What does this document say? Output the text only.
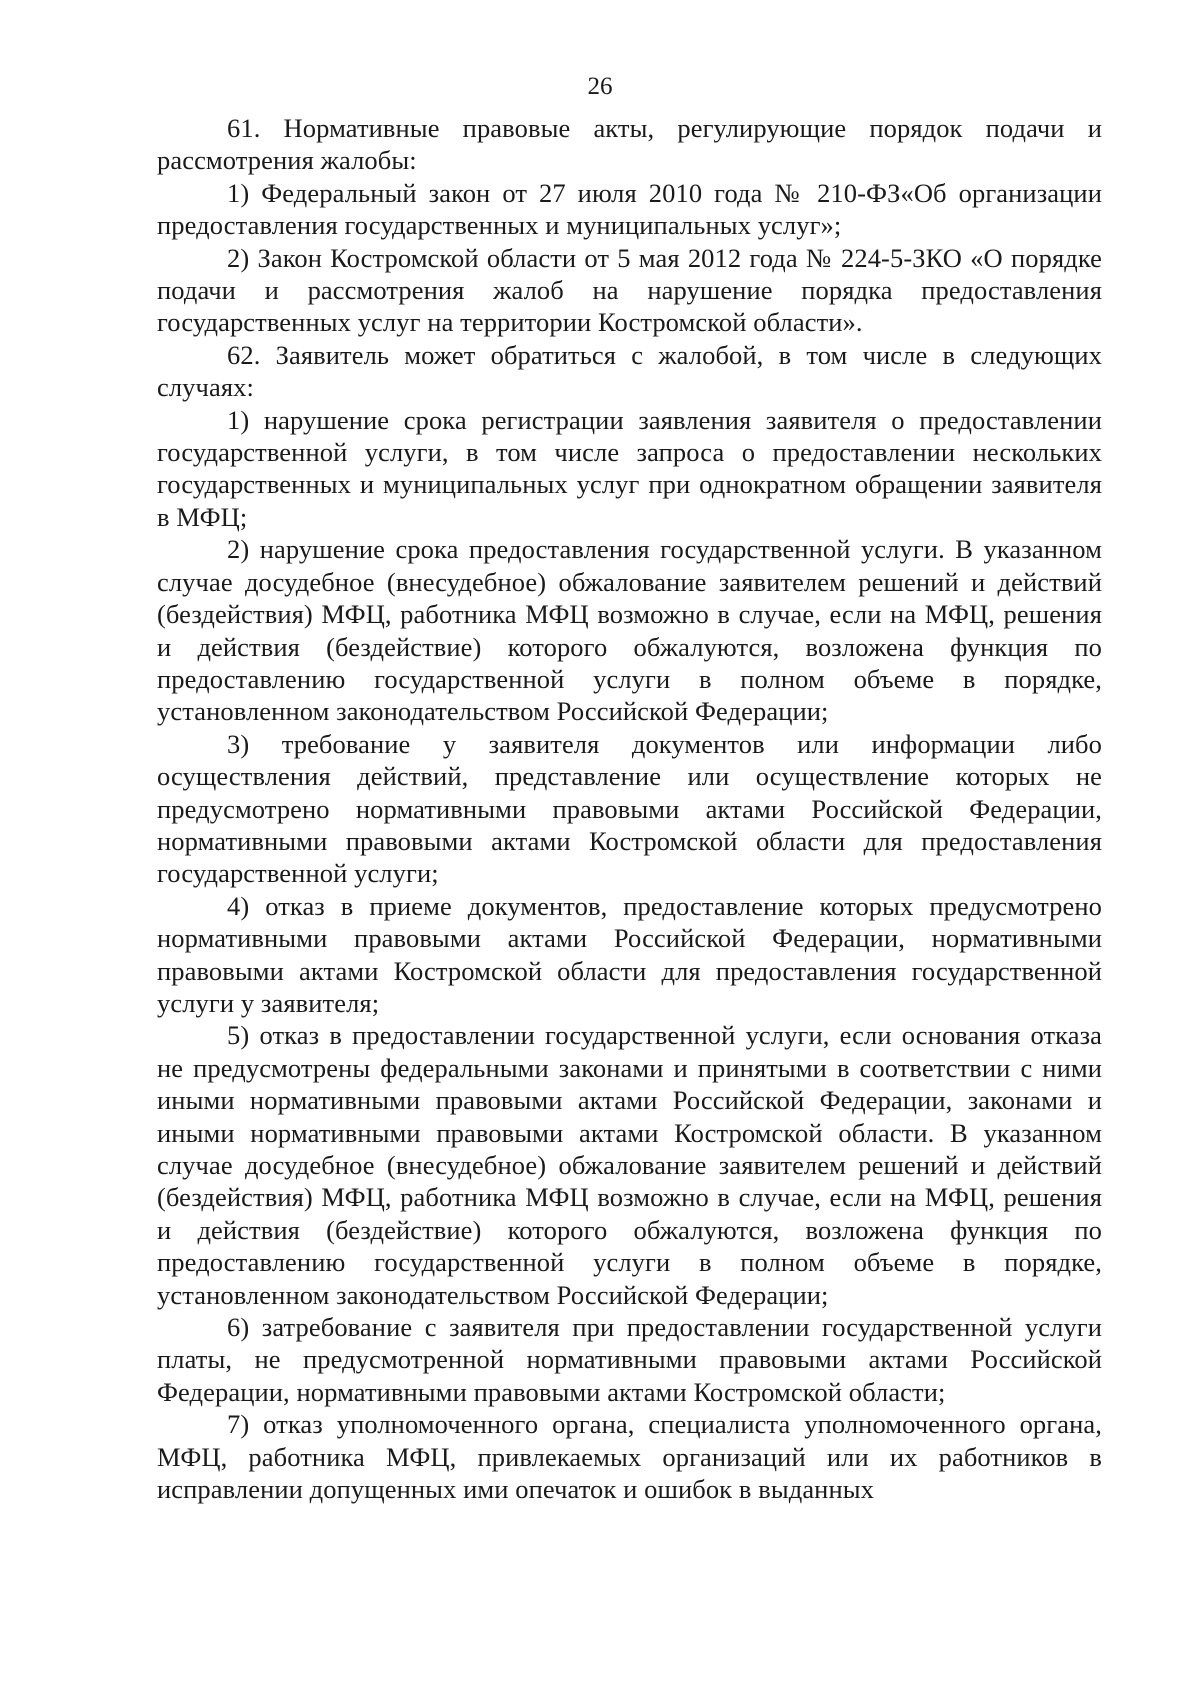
26

61. Нормативные правовые акты, регулирующие порядок подачи и рассмотрения жалобы:

1) Федеральный закон от 27 июля 2010 года № 210-ФЗ«Об организации предоставления государственных и муниципальных услуг»;

2) Закон Костромской области от 5 мая 2012 года № 224-5-ЗКО «О порядке подачи и рассмотрения жалоб на нарушение порядка предоставления государственных услуг на территории Костромской области».

62. Заявитель может обратиться с жалобой, в том числе в следующих случаях:

1) нарушение срока регистрации заявления заявителя о предоставлении государственной услуги, в том числе запроса о предоставлении нескольких государственных и муниципальных услуг при однократном обращении заявителя в МФЦ;

2) нарушение срока предоставления государственной услуги. В указанном случае досудебное (внесудебное) обжалование заявителем решений и действий (бездействия) МФЦ, работника МФЦ возможно в случае, если на МФЦ, решения и действия (бездействие) которого обжалуются, возложена функция по предоставлению государственной услуги в полном объеме в порядке, установленном законодательством Российской Федерации;

3) требование у заявителя документов или информации либо осуществления действий, представление или осуществление которых не предусмотрено нормативными правовыми актами Российской Федерации, нормативными правовыми актами Костромской области для предоставления государственной услуги;

4) отказ в приеме документов, предоставление которых предусмотрено нормативными правовыми актами Российской Федерации, нормативными правовыми актами Костромской области для предоставления государственной услуги у заявителя;

5) отказ в предоставлении государственной услуги, если основания отказа не предусмотрены федеральными законами и принятыми в соответствии с ними иными нормативными правовыми актами Российской Федерации, законами и иными нормативными правовыми актами Костромской области. В указанном случае досудебное (внесудебное) обжалование заявителем решений и действий (бездействия) МФЦ, работника МФЦ возможно в случае, если на МФЦ, решения и действия (бездействие) которого обжалуются, возложена функция по предоставлению государственной услуги в полном объеме в порядке, установленном законодательством Российской Федерации;

6) затребование с заявителя при предоставлении государственной услуги платы, не предусмотренной нормативными правовыми актами Российской Федерации, нормативными правовыми актами Костромской области;

7) отказ уполномоченного органа, специалиста уполномоченного органа, МФЦ, работника МФЦ, привлекаемых организаций или их работников в исправлении допущенных ими опечаток и ошибок в выданных
